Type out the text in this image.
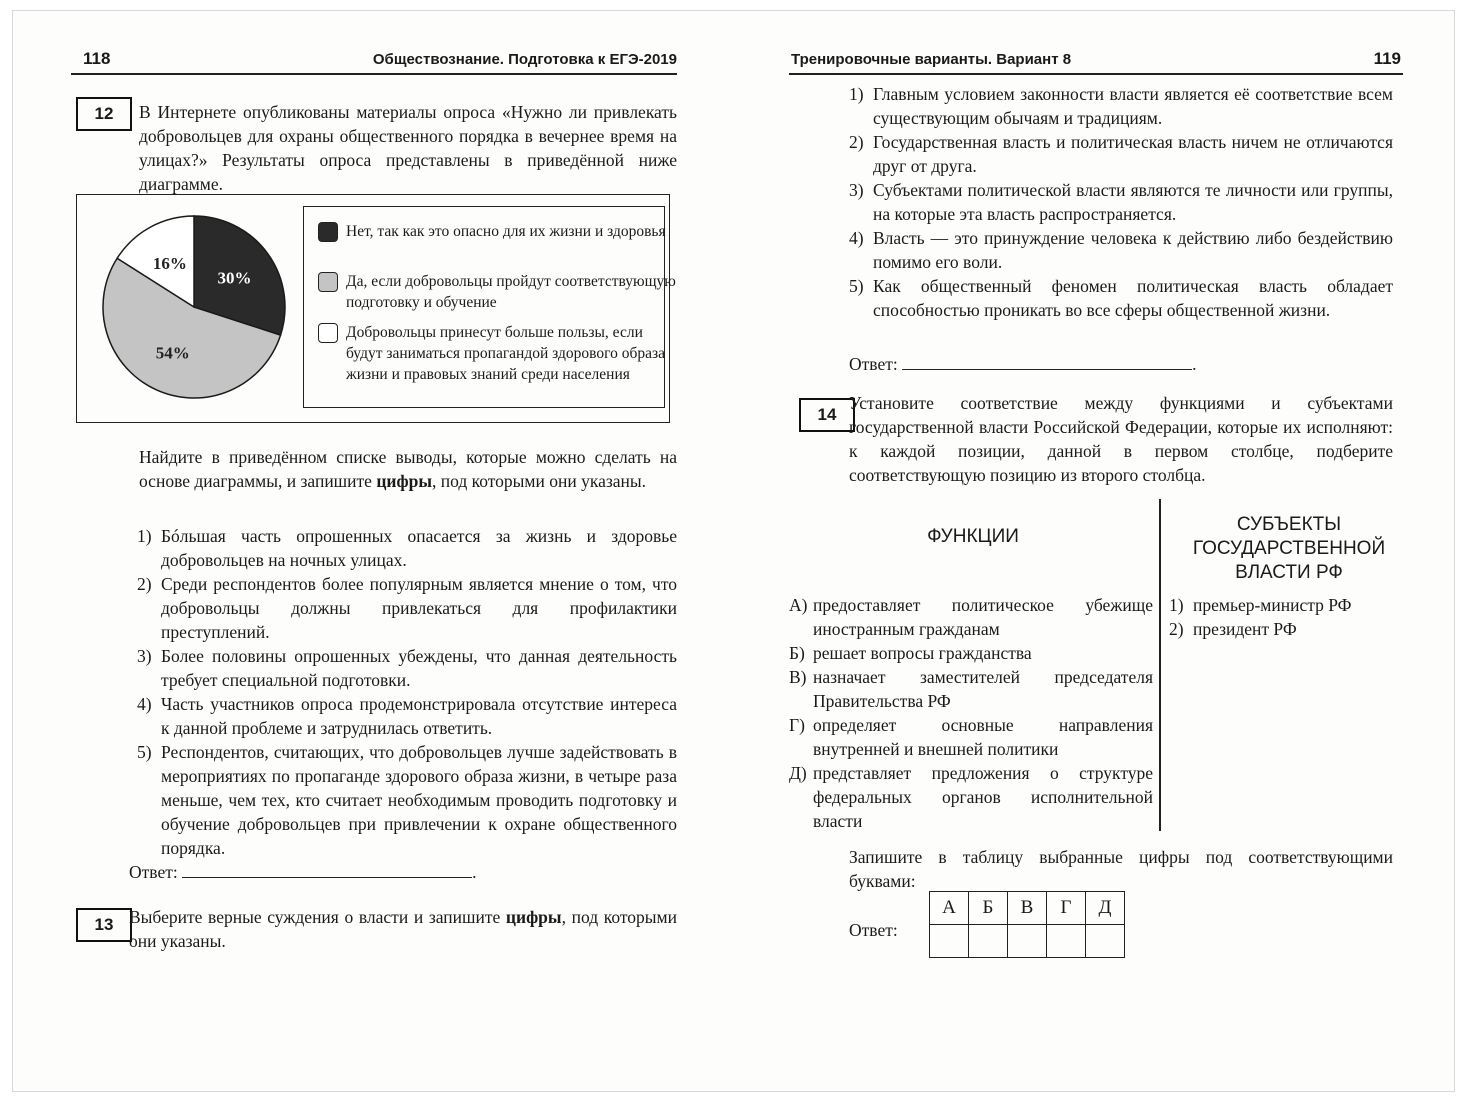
118	Обществознание. Подготовка к ЕГЭ-2019
12	В Интернете опубликованы материалы опроса «Нужно ли привлекать добровольцев для охраны общественного порядка в вечернее время на улицах?» Результаты опроса представлены в приведённой ниже диаграмме.
30%
54%
16%
Нет, так как это опасно для их жизни и здоровья
Да, если добровольцы пройдут соответствующую подготовку и обучение
Добровольцы принесут больше пользы, если будут заниматься пропагандой здорового образа жизни и правовых знаний среди населения
Найдите в приведённом списке выводы, которые можно сделать на основе диаграммы, и запишите цифры, под которыми они указаны.
1) Бóльшая часть опрошенных опасается за жизнь и здоровье добровольцев на ночных улицах.
2) Среди респондентов более популярным является мнение о том, что добровольцы должны привлекаться для профилактики преступлений.
3) Более половины опрошенных убеждены, что данная деятельность требует специальной подготовки.
4) Часть участников опроса продемонстрировала отсутствие интереса к данной проблеме и затруднилась ответить.
5) Респондентов, считающих, что добровольцев лучше задействовать в мероприятиях по пропаганде здорового образа жизни, в четыре раза меньше, чем тех, кто считает необходимым проводить подготовку и обучение добровольцев при привлечении к охране общественного порядка.
Ответ:	.
13 Выберите верные суждения о власти и запишите цифры, под которыми они указаны.
Тренировочные варианты. Вариант 8	119
1) Главным условием законности власти является её соответствие всем существующим обычаям и традициям.
2) Государственная власть и политическая власть ничем не отличаются друг от друга.
3) Субъектами политической власти являются те личности или группы, на которые эта власть распространяется.
4) Власть — это принуждение человека к действию либо бездействию помимо его воли.
5) Как общественный феномен политическая власть обладает способностью проникать во все сферы общественной жизни.
Ответ:	.
14
Установите соответствие между функциями и субъектами государственной власти Российской Федерации, которые их исполняют: к каждой позиции, данной в первом столбце, подберите соответствующую позицию из второго столбца.
ФУНКЦИИ
СУБЪЕКТЫ ГОСУДАРСТВЕННОЙ ВЛАСТИ РФ
А) предоставляет политическое убежище иностранным гражданам
Б) решает вопросы гражданства
В) назначает заместителей председателя Правительства РФ
Г) определяет основные направления внутренней и внешней политики
Д) представляет предложения о структуре федеральных органов исполнительной власти
1) премьер-министр РФ
2) президент РФ
Запишите в таблицу выбранные цифры под соответствующими буквами:
Ответ:
А	Б	В	Г	Д
